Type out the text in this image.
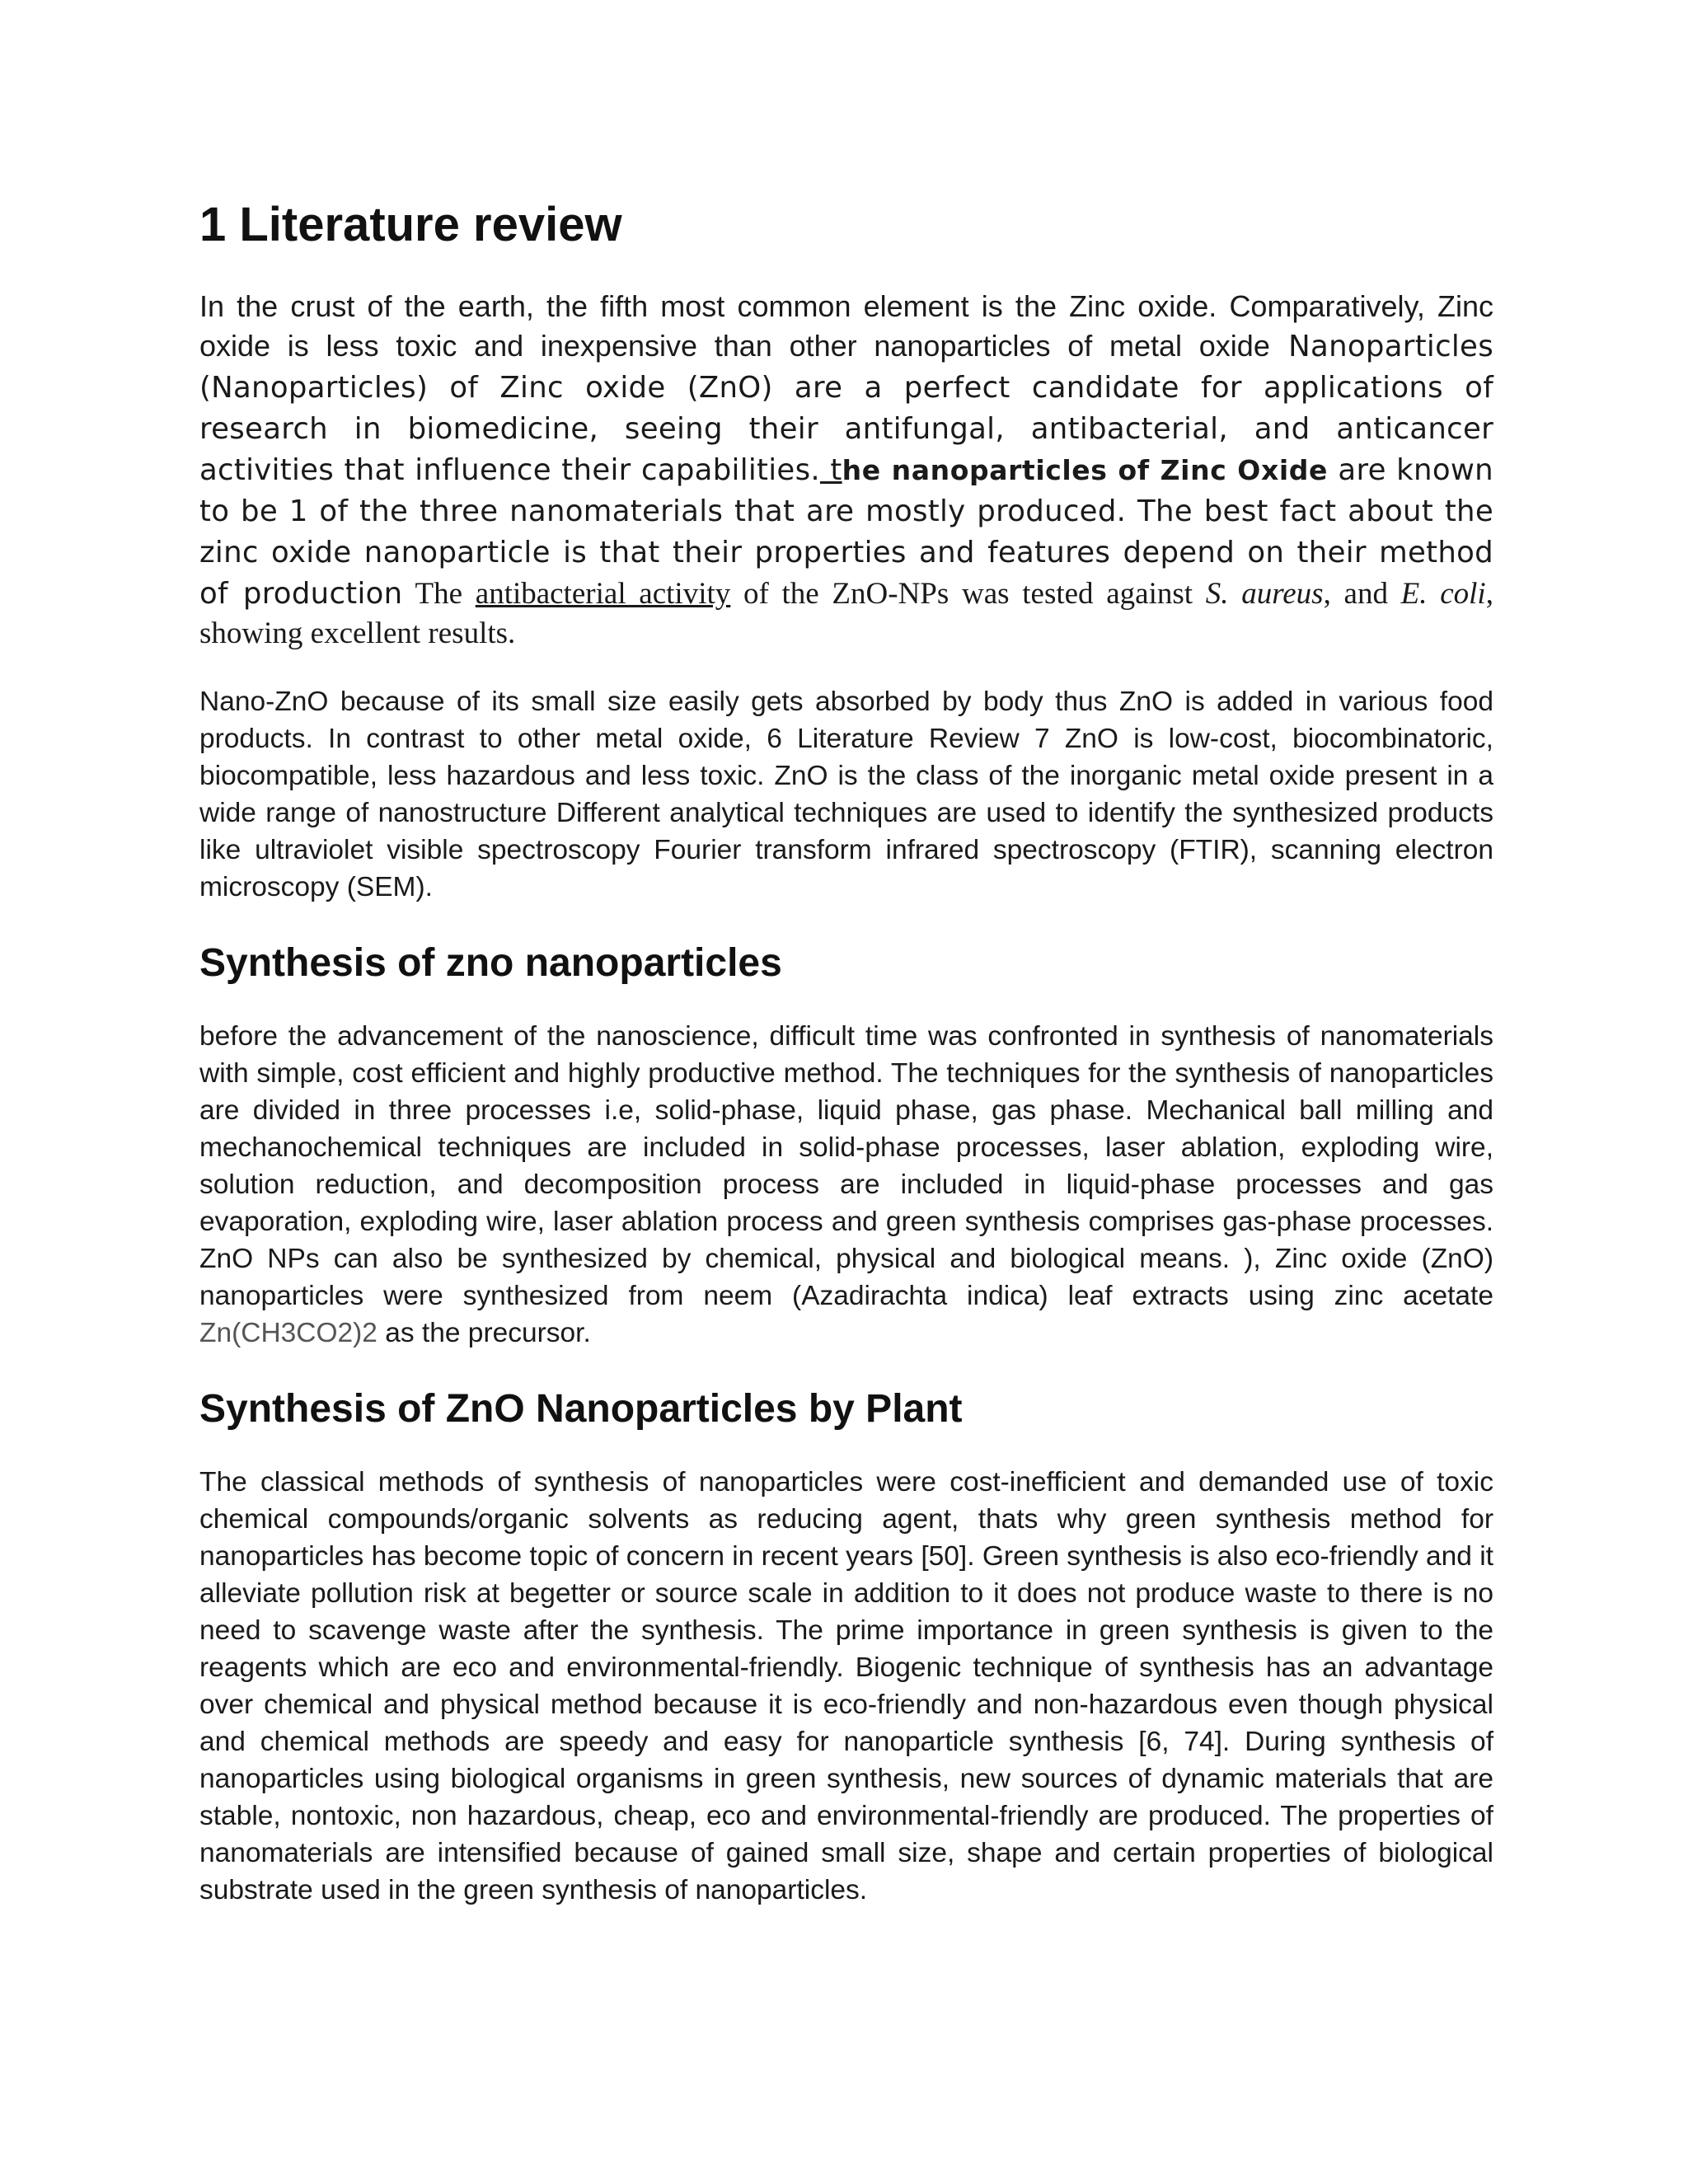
1 Literature review

In the crust of the earth, the fifth most common element is the Zinc oxide. Comparatively, Zinc oxide is less toxic and inexpensive than other nanoparticles of metal oxide Nanoparticles (Nanoparticles) of Zinc oxide (ZnO) are a perfect candidate for applications of research in biomedicine, seeing their antifungal, antibacterial, and anticancer activities that influence their capabilities. the nanoparticles of Zinc Oxide are known to be 1 of the three nanomaterials that are mostly produced. The best fact about the zinc oxide nanoparticle is that their properties and features depend on their method of production The antibacterial activity of the ZnO-NPs was tested against S. aureus, and E. coli, showing excellent results.

Nano-ZnO because of its small size easily gets absorbed by body thus ZnO is added in various food products. In contrast to other metal oxide, 6 Literature Review 7 ZnO is low-cost, biocombinatoric, biocompatible, less hazardous and less toxic. ZnO is the class of the inorganic metal oxide present in a wide range of nanostructure Different analytical techniques are used to identify the synthesized products like ultraviolet visible spectroscopy Fourier transform infrared spectroscopy (FTIR), scanning electron microscopy (SEM).

Synthesis of zno nanoparticles

before the advancement of the nanoscience, difficult time was confronted in synthesis of nanomaterials with simple, cost efficient and highly productive method. The techniques for the synthesis of nanoparticles are divided in three processes i.e, solid-phase, liquid phase, gas phase. Mechanical ball milling and mechanochemical techniques are included in solid-phase processes, laser ablation, exploding wire, solution reduction, and decomposition process are included in liquid-phase processes and gas evaporation, exploding wire, laser ablation process and green synthesis comprises gas-phase processes. ZnO NPs can also be synthesized by chemical, physical and biological means. ), Zinc oxide (ZnO) nanoparticles were synthesized from neem (Azadirachta indica) leaf extracts using zinc acetate Zn(CH3CO2)2 as the precursor.

Synthesis of ZnO Nanoparticles by Plant

The classical methods of synthesis of nanoparticles were cost-inefficient and demanded use of toxic chemical compounds/organic solvents as reducing agent, thats why green synthesis method for nanoparticles has become topic of concern in recent years [50]. Green synthesis is also eco-friendly and it alleviate pollution risk at begetter or source scale in addition to it does not produce waste to there is no need to scavenge waste after the synthesis. The prime importance in green synthesis is given to the reagents which are eco and environmental-friendly. Biogenic technique of synthesis has an advantage over chemical and physical method because it is eco-friendly and non-hazardous even though physical and chemical methods are speedy and easy for nanoparticle synthesis [6, 74]. During synthesis of nanoparticles using biological organisms in green synthesis, new sources of dynamic materials that are stable, nontoxic, non hazardous, cheap, eco and environmental-friendly are produced. The properties of nanomaterials are intensified because of gained small size, shape and certain properties of biological substrate used in the green synthesis of nanoparticles.
